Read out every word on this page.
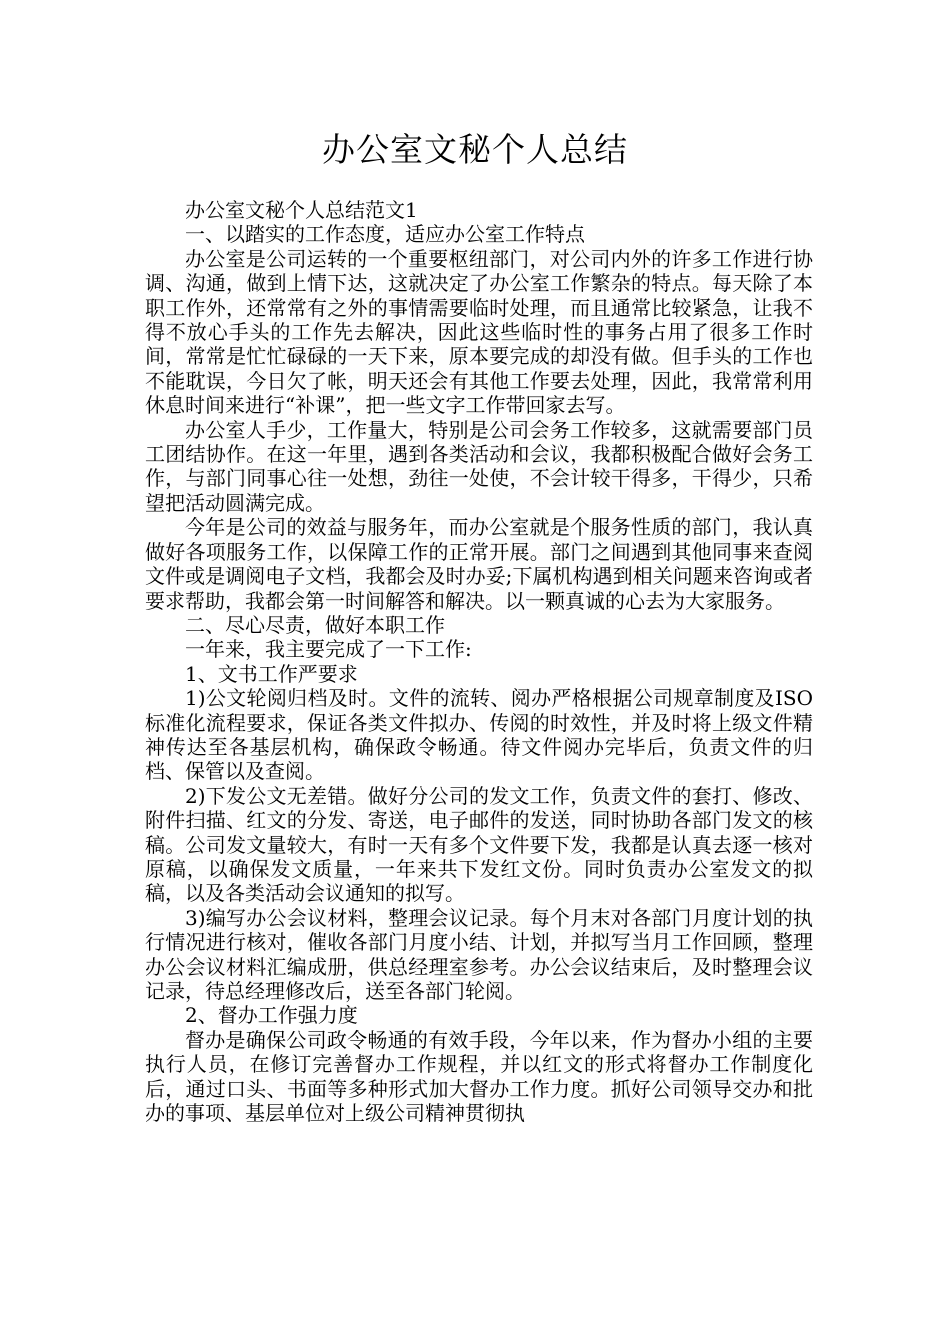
办公室文秘个人总结

办公室文秘个人总结范文1

一、以踏实的工作态度，适应办公室工作特点

办公室是公司运转的一个重要枢纽部门，对公司内外的许多工作进行协调、沟通，做到上情下达，这就决定了办公室工作繁杂的特点。每天除了本职工作外，还常常有之外的事情需要临时处理，而且通常比较紧急，让我不得不放心手头的工作先去解决，因此这些临时性的事务占用了很多工作时间，常常是忙忙碌碌的一天下来，原本要完成的却没有做。但手头的工作也不能耽误，今日欠了帐，明天还会有其他工作要去处理，因此，我常常利用休息时间来进行“补课”，把一些文字工作带回家去写。

办公室人手少，工作量大，特别是公司会务工作较多，这就需要部门员工团结协作。在这一年里，遇到各类活动和会议，我都积极配合做好会务工作，与部门同事心往一处想，劲往一处使，不会计较干得多，干得少，只希望把活动圆满完成。

今年是公司的效益与服务年，而办公室就是个服务性质的部门，我认真做好各项服务工作，以保障工作的正常开展。部门之间遇到其他同事来查阅文件或是调阅电子文档，我都会及时办妥;下属机构遇到相关问题来咨询或者要求帮助，我都会第一时间解答和解决。以一颗真诚的心去为大家服务。

二、尽心尽责，做好本职工作

一年来，我主要完成了一下工作:

1、文书工作严要求

1)公文轮阅归档及时。文件的流转、阅办严格根据公司规章制度及ISO标准化流程要求，保证各类文件拟办、传阅的时效性，并及时将上级文件精神传达至各基层机构，确保政令畅通。待文件阅办完毕后，负责文件的归档、保管以及查阅。

2)下发公文无差错。做好分公司的发文工作，负责文件的套打、修改、附件扫描、红文的分发、寄送，电子邮件的发送，同时协助各部门发文的核稿。公司发文量较大，有时一天有多个文件要下发，我都是认真去逐一核对原稿，以确保发文质量，一年来共下发红文份。同时负责办公室发文的拟稿，以及各类活动会议通知的拟写。

3)编写办公会议材料，整理会议记录。每个月末对各部门月度计划的执行情况进行核对，催收各部门月度小结、计划，并拟写当月工作回顾，整理办公会议材料汇编成册，供总经理室参考。办公会议结束后，及时整理会议记录，待总经理修改后，送至各部门轮阅。

2、督办工作强力度

督办是确保公司政令畅通的有效手段，今年以来，作为督办小组的主要执行人员，在修订完善督办工作规程，并以红文的形式将督办工作制度化后，通过口头、书面等多种形式加大督办工作力度。抓好公司领导交办和批办的事项、基层单位对上级公司精神贯彻执
